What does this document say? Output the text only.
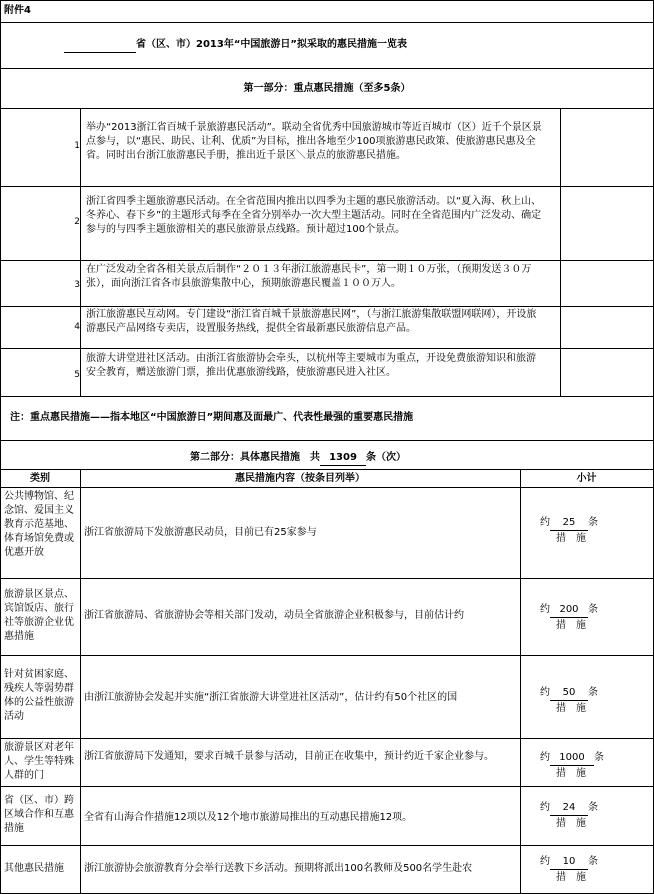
附件4
省（区、市）2013年“中国旅游日”拟采取的惠民措施一览表
第一部分：重点惠民措施（至多5条）
1
举办“2013浙江省百城千景旅游惠民活动”。联动全省优秀中国旅游城市等近百城市（区）近千个景区景点参与，以“惠民、助民、让利、优质”为目标，推出各地至少100项旅游惠民政策、使旅游惠民惠及全省。同时出台浙江旅游惠民手册，推出近千景区＼景点的旅游惠民措施。
2
浙江省四季主题旅游惠民活动。在全省范围内推出以四季为主题的惠民旅游活动。以“夏入海、秋上山、冬养心、春下乡”的主题形式每季在全省分别举办一次大型主题活动。同时在全省范围内广泛发动、确定参与的与四季主题旅游相关的惠民旅游景点线路。预计超过100个景点。
3
在广泛发动全省各相关景点后制作“２０１３年浙江旅游惠民卡”，第一期１０万张，（预期发送３０万张），面向浙江省各市县旅游集散中心，预期旅游惠民覆盖１００万人。
4
浙江旅游惠民互动网。专门建设“浙江省百城千景旅游惠民网”，（与浙江旅游集散联盟网联网），开设旅游惠民产品网络专卖店，设置服务热线，提供全省最新惠民旅游信息产品。
5
旅游大讲堂进社区活动。由浙江省旅游协会牵头，以杭州等主要城市为重点，开设免费旅游知识和旅游安全教育，赠送旅游门票，推出优惠旅游线路，使旅游惠民进入社区。
注：重点惠民措施——指本地区“中国旅游日”期间惠及面最广、代表性最强的重要惠民措施
第二部分：具体惠民措施　共 1309 条（次）
类别	惠民措施内容（按条目列举）	小计
公共博物馆、纪念馆、爱国主义教育示范基地、体育场馆免费或优惠开放
浙江省旅游局下发旅游惠民动员，目前已有25家参与
约 25 条
措　施
旅游景区景点、宾馆饭店、旅行社等旅游企业优惠措施
浙江省旅游局、省旅游协会等相关部门发动，动员全省旅游企业积极参与，目前估计约
约 200 条
措　施
针对贫困家庭、残疾人等弱势群体的公益性旅游活动
由浙江旅游协会发起并实施“浙江省旅游大讲堂进社区活动”，估计约有50个社区的国	约 50 条
措　施
旅游景区对老年人、学生等特殊人群的门
浙江省旅游局下发通知，要求百城千景参与活动，目前正在收集中，预计约近千家企业参与。	约 1000 条
措　施
省（区、市）跨区域合作和互惠措施
全省有山海合作措施12项以及12个地市旅游局推出的互动惠民措施12项。
约 24 条
措　施
其他惠民措施	浙江旅游协会旅游教育分会举行送教下乡活动。预期将派出100名教师及500名学生赴农
约 10 条
措　施
